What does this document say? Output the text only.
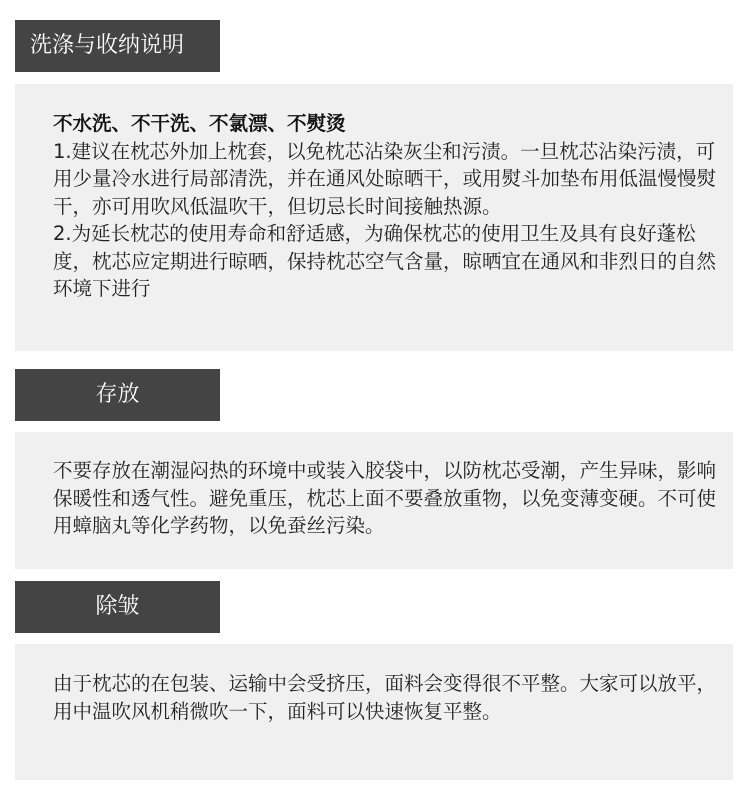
洗涤与收纳说明

不水洗、不干洗、不氯漂、不熨烫

1.建议在枕芯外加上枕套，以免枕芯沾染灰尘和污渍。一旦枕芯沾染污渍，可用少量冷水进行局部清洗，并在通风处晾晒干，或用熨斗加垫布用低温慢慢熨干，亦可用吹风低温吹干，但切忌长时间接触热源。

2.为延长枕芯的使用寿命和舒适感，为确保枕芯的使用卫生及具有良好蓬松度，枕芯应定期进行晾晒，保持枕芯空气含量，晾晒宜在通风和非烈日的自然环境下进行

存放

不要存放在潮湿闷热的环境中或装入胶袋中，以防枕芯受潮，产生异味，影响保暖性和透气性。避免重压，枕芯上面不要叠放重物，以免变薄变硬。不可使用蟑脑丸等化学药物，以免蚕丝污染。

除皱

由于枕芯的在包装、运输中会受挤压，面料会变得很不平整。大家可以放平，用中温吹风机稍微吹一下，面料可以快速恢复平整。
